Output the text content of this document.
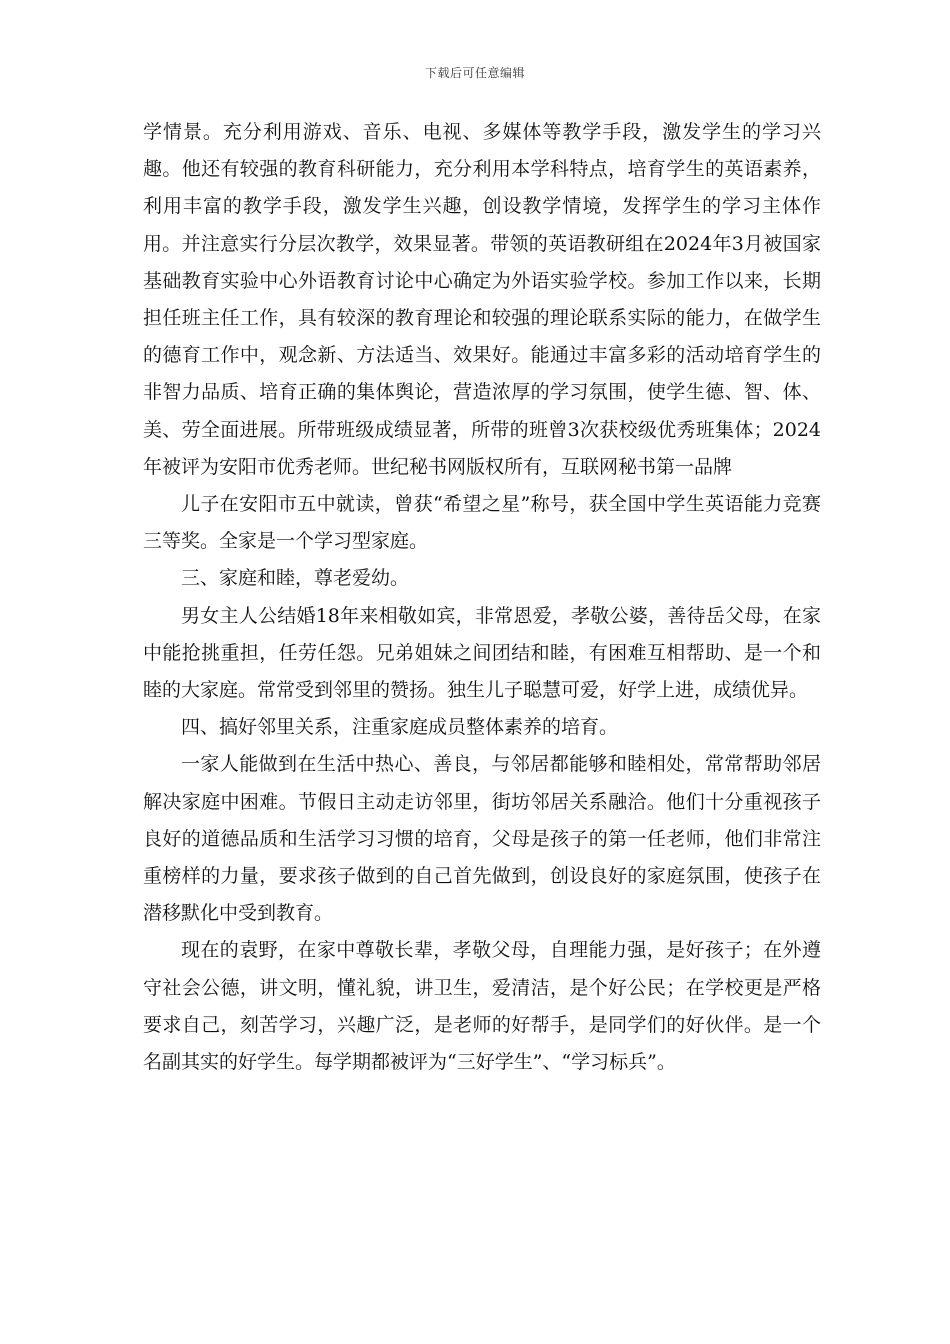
下载后可任意编辑

学情景。充分利用游戏、音乐、电视、多媒体等教学手段，激发学生的学习兴趣。他还有较强的教育科研能力，充分利用本学科特点，培育学生的英语素养，利用丰富的教学手段，激发学生兴趣，创设教学情境，发挥学生的学习主体作用。并注意实行分层次教学，效果显著。带领的英语教研组在2024年3月被国家基础教育实验中心外语教育讨论中心确定为外语实验学校。参加工作以来，长期担任班主任工作，具有较深的教育理论和较强的理论联系实际的能力，在做学生的德育工作中，观念新、方法适当、效果好。能通过丰富多彩的活动培育学生的非智力品质、培育正确的集体舆论，营造浓厚的学习氛围，使学生德、智、体、美、劳全面进展。所带班级成绩显著，所带的班曾3次获校级优秀班集体；2024年被评为安阳市优秀老师。世纪秘书网版权所有，互联网秘书第一品牌

儿子在安阳市五中就读，曾获“希望之星”称号，获全国中学生英语能力竞赛三等奖。全家是一个学习型家庭。

三、家庭和睦，尊老爱幼。

男女主人公结婚18年来相敬如宾，非常恩爱，孝敬公婆，善待岳父母，在家中能抢挑重担，任劳任怨。兄弟姐妹之间团结和睦，有困难互相帮助、是一个和睦的大家庭。常常受到邻里的赞扬。独生儿子聪慧可爱，好学上进，成绩优异。

四、搞好邻里关系，注重家庭成员整体素养的培育。

一家人能做到在生活中热心、善良，与邻居都能够和睦相处，常常帮助邻居解决家庭中困难。节假日主动走访邻里，街坊邻居关系融洽。他们十分重视孩子良好的道德品质和生活学习习惯的培育，父母是孩子的第一任老师，他们非常注重榜样的力量，要求孩子做到的自己首先做到，创设良好的家庭氛围，使孩子在潜移默化中受到教育。

现在的袁野，在家中尊敬长辈，孝敬父母，自理能力强，是好孩子；在外遵守社会公德，讲文明，懂礼貌，讲卫生，爱清洁，是个好公民；在学校更是严格要求自己，刻苦学习，兴趣广泛，是老师的好帮手，是同学们的好伙伴。是一个名副其实的好学生。每学期都被评为“三好学生”、“学习标兵”。
